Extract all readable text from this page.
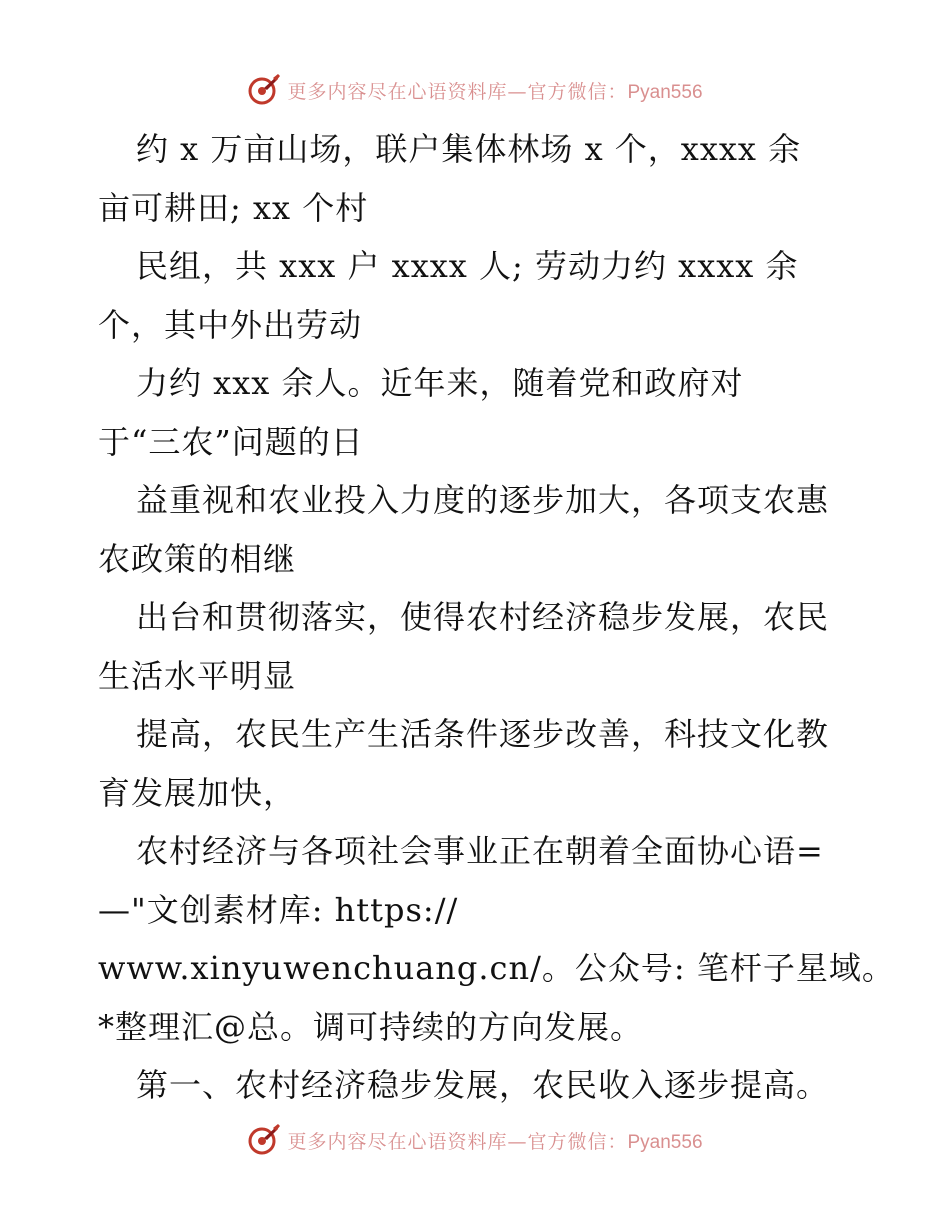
更多内容尽在心语资料库—官方微信：Pyan556
约 x 万亩山场，联户集体林场 x 个，xxxx 余
亩可耕田; xx 个村
民组，共 xxx 户 xxxx 人; 劳动力约 xxxx 余
个，其中外出劳动
力约 xxx 余人。近年来，随着党和政府对
于“三农”问题的日
益重视和农业投入力度的逐步加大，各项支农惠
农政策的相继
出台和贯彻落实，使得农村经济稳步发展，农民
生活水平明显
提高，农民生产生活条件逐步改善，科技文化教
育发展加快，
农村经济与各项社会事业正在朝着全面协心语=
—"文创素材库: https://
www.xinyuwenchuang.cn/。公众号: 笔杆子星域。
*整理汇@总。调可持续的方向发展。
第一、农村经济稳步发展，农民收入逐步提高。
更多内容尽在心语资料库—官方微信：Pyan556
